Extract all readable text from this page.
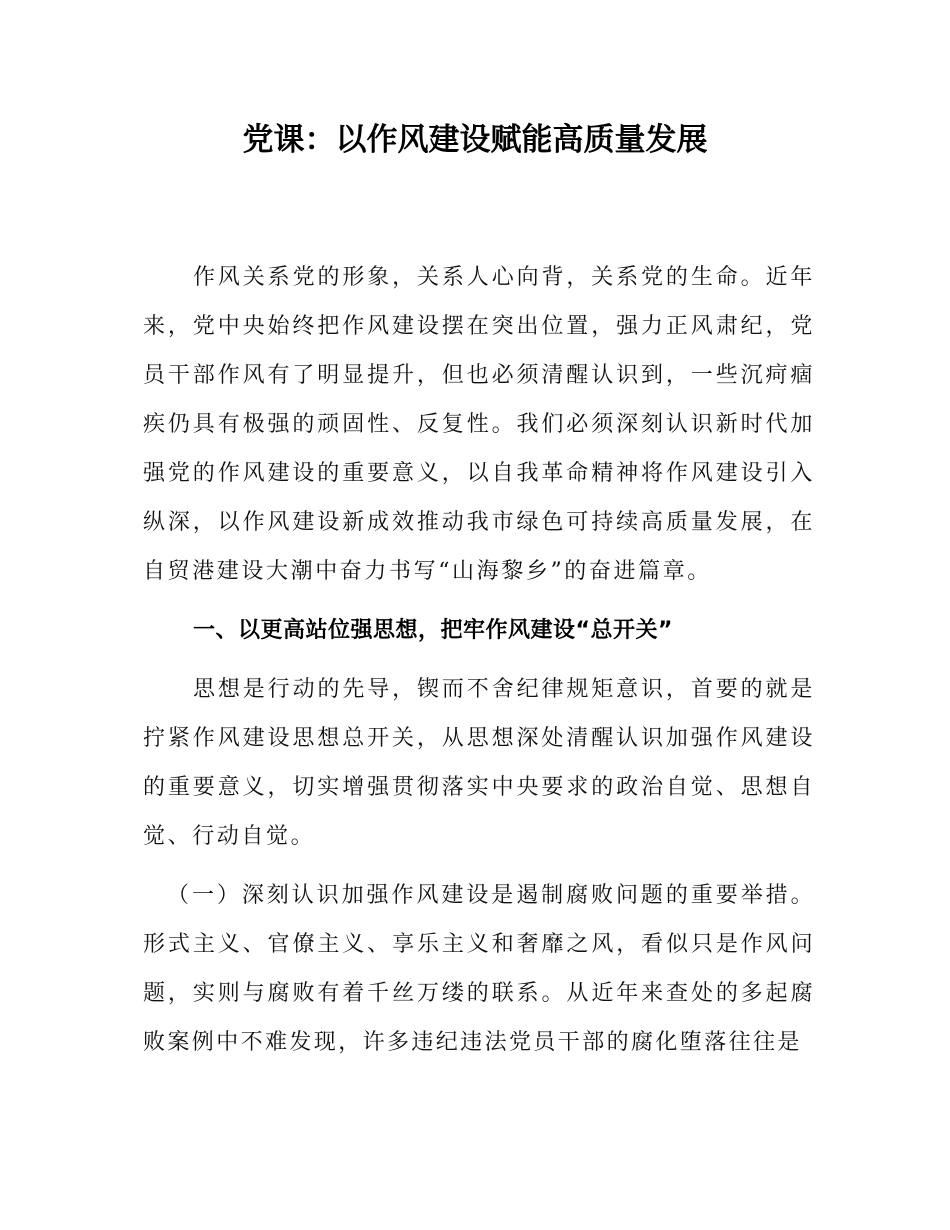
党课：以作风建设赋能高质量发展

作风关系党的形象，关系人心向背，关系党的生命。近年来，党中央始终把作风建设摆在突出位置，强力正风肃纪，党员干部作风有了明显提升，但也必须清醒认识到，一些沉疴痼疾仍具有极强的顽固性、反复性。我们必须深刻认识新时代加强党的作风建设的重要意义，以自我革命精神将作风建设引入纵深，以作风建设新成效推动我市绿色可持续高质量发展，在自贸港建设大潮中奋力书写“山海黎乡”的奋进篇章。

一、以更高站位强思想，把牢作风建设“总开关”

思想是行动的先导，锲而不舍纪律规矩意识，首要的就是拧紧作风建设思想总开关，从思想深处清醒认识加强作风建设的重要意义，切实增强贯彻落实中央要求的政治自觉、思想自觉、行动自觉。

（一）深刻认识加强作风建设是遏制腐败问题的重要举措。形式主义、官僚主义、享乐主义和奢靡之风，看似只是作风问题，实则与腐败有着千丝万缕的联系。从近年来查处的多起腐败案例中不难发现，许多违纪违法党员干部的腐化堕落往往是
